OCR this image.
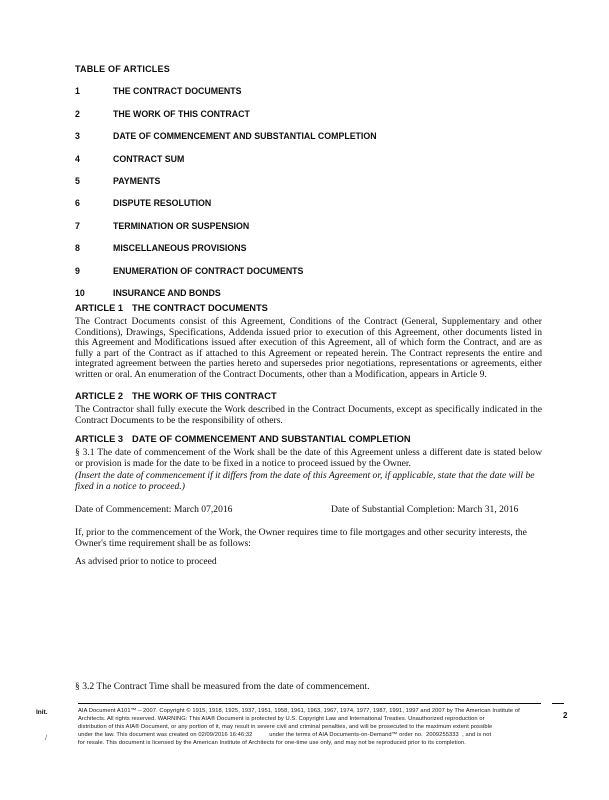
TABLE OF ARTICLES
1	THE CONTRACT DOCUMENTS
2	THE WORK OF THIS CONTRACT
3	DATE OF COMMENCEMENT AND SUBSTANTIAL COMPLETION
4	CONTRACT SUM
5	PAYMENTS
6	DISPUTE RESOLUTION
7	TERMINATION OR SUSPENSION
8	MISCELLANEOUS PROVISIONS
9	ENUMERATION OF CONTRACT DOCUMENTS
10	INSURANCE AND BONDS
ARTICLE 1 THE CONTRACT DOCUMENTS
The Contract Documents consist of this Agreement, Conditions of the Contract (General, Supplementary and other Conditions), Drawings, Specifications, Addenda issued prior to execution of this Agreement, other documents listed in this Agreement and Modifications issued after execution of this Agreement, all of which form the Contract, and are as fully a part of the Contract as if attached to this Agreement or repeated herein. The Contract represents the entire and integrated agreement between the parties hereto and supersedes prior negotiations, representations or agreements, either written or oral. An enumeration of the Contract Documents, other than a Modification, appears in Article 9.
ARTICLE 2 THE WORK OF THIS CONTRACT
The Contractor shall fully execute the Work described in the Contract Documents, except as specifically indicated in the Contract Documents to be the responsibility of others.
ARTICLE 3 DATE OF COMMENCEMENT AND SUBSTANTIAL COMPLETION
§ 3.1 The date of commencement of the Work shall be the date of this Agreement unless a different date is stated below or provision is made for the date to be fixed in a notice to proceed issued by the Owner.
(Insert the date of commencement if it differs from the date of this Agreement or, if applicable, state that the date will be fixed in a notice to proceed.)
Date of Commencement: March 07,2016	Date of Substantial Completion: March 31, 2016
If, prior to the commencement of the Work, the Owner requires time to file mortgages and other security interests, the Owner's time requirement shall be as follows:
As advised prior to notice to proceed
§ 3.2 The Contract Time shall be measured from the date of commencement.
Init.
/
AIA Document A101™ – 2007. Copyright © 1915, 1918, 1925, 1937, 1951, 1958, 1961, 1963, 1967, 1974, 1977, 1987, 1991, 1997 and 2007 by The American Institute of
Architects. All rights reserved. WARNING: This AIA® Document is protected by U.S. Copyright Law and International Treaties. Unauthorized reproduction or
distribution of this AIA® Document, or any portion of it, may result in severe civil and criminal penalties, and will be prosecuted to the maximum extent possible
under the law. This document was created on 02/09/2016 16:46:32          under the terms of AIA Documents-on-Demand™ order no.  2009255333  , and is not
for resale. This document is licensed by the American Institute of Architects for one-time use only, and may not be reproduced prior to its completion.
2
